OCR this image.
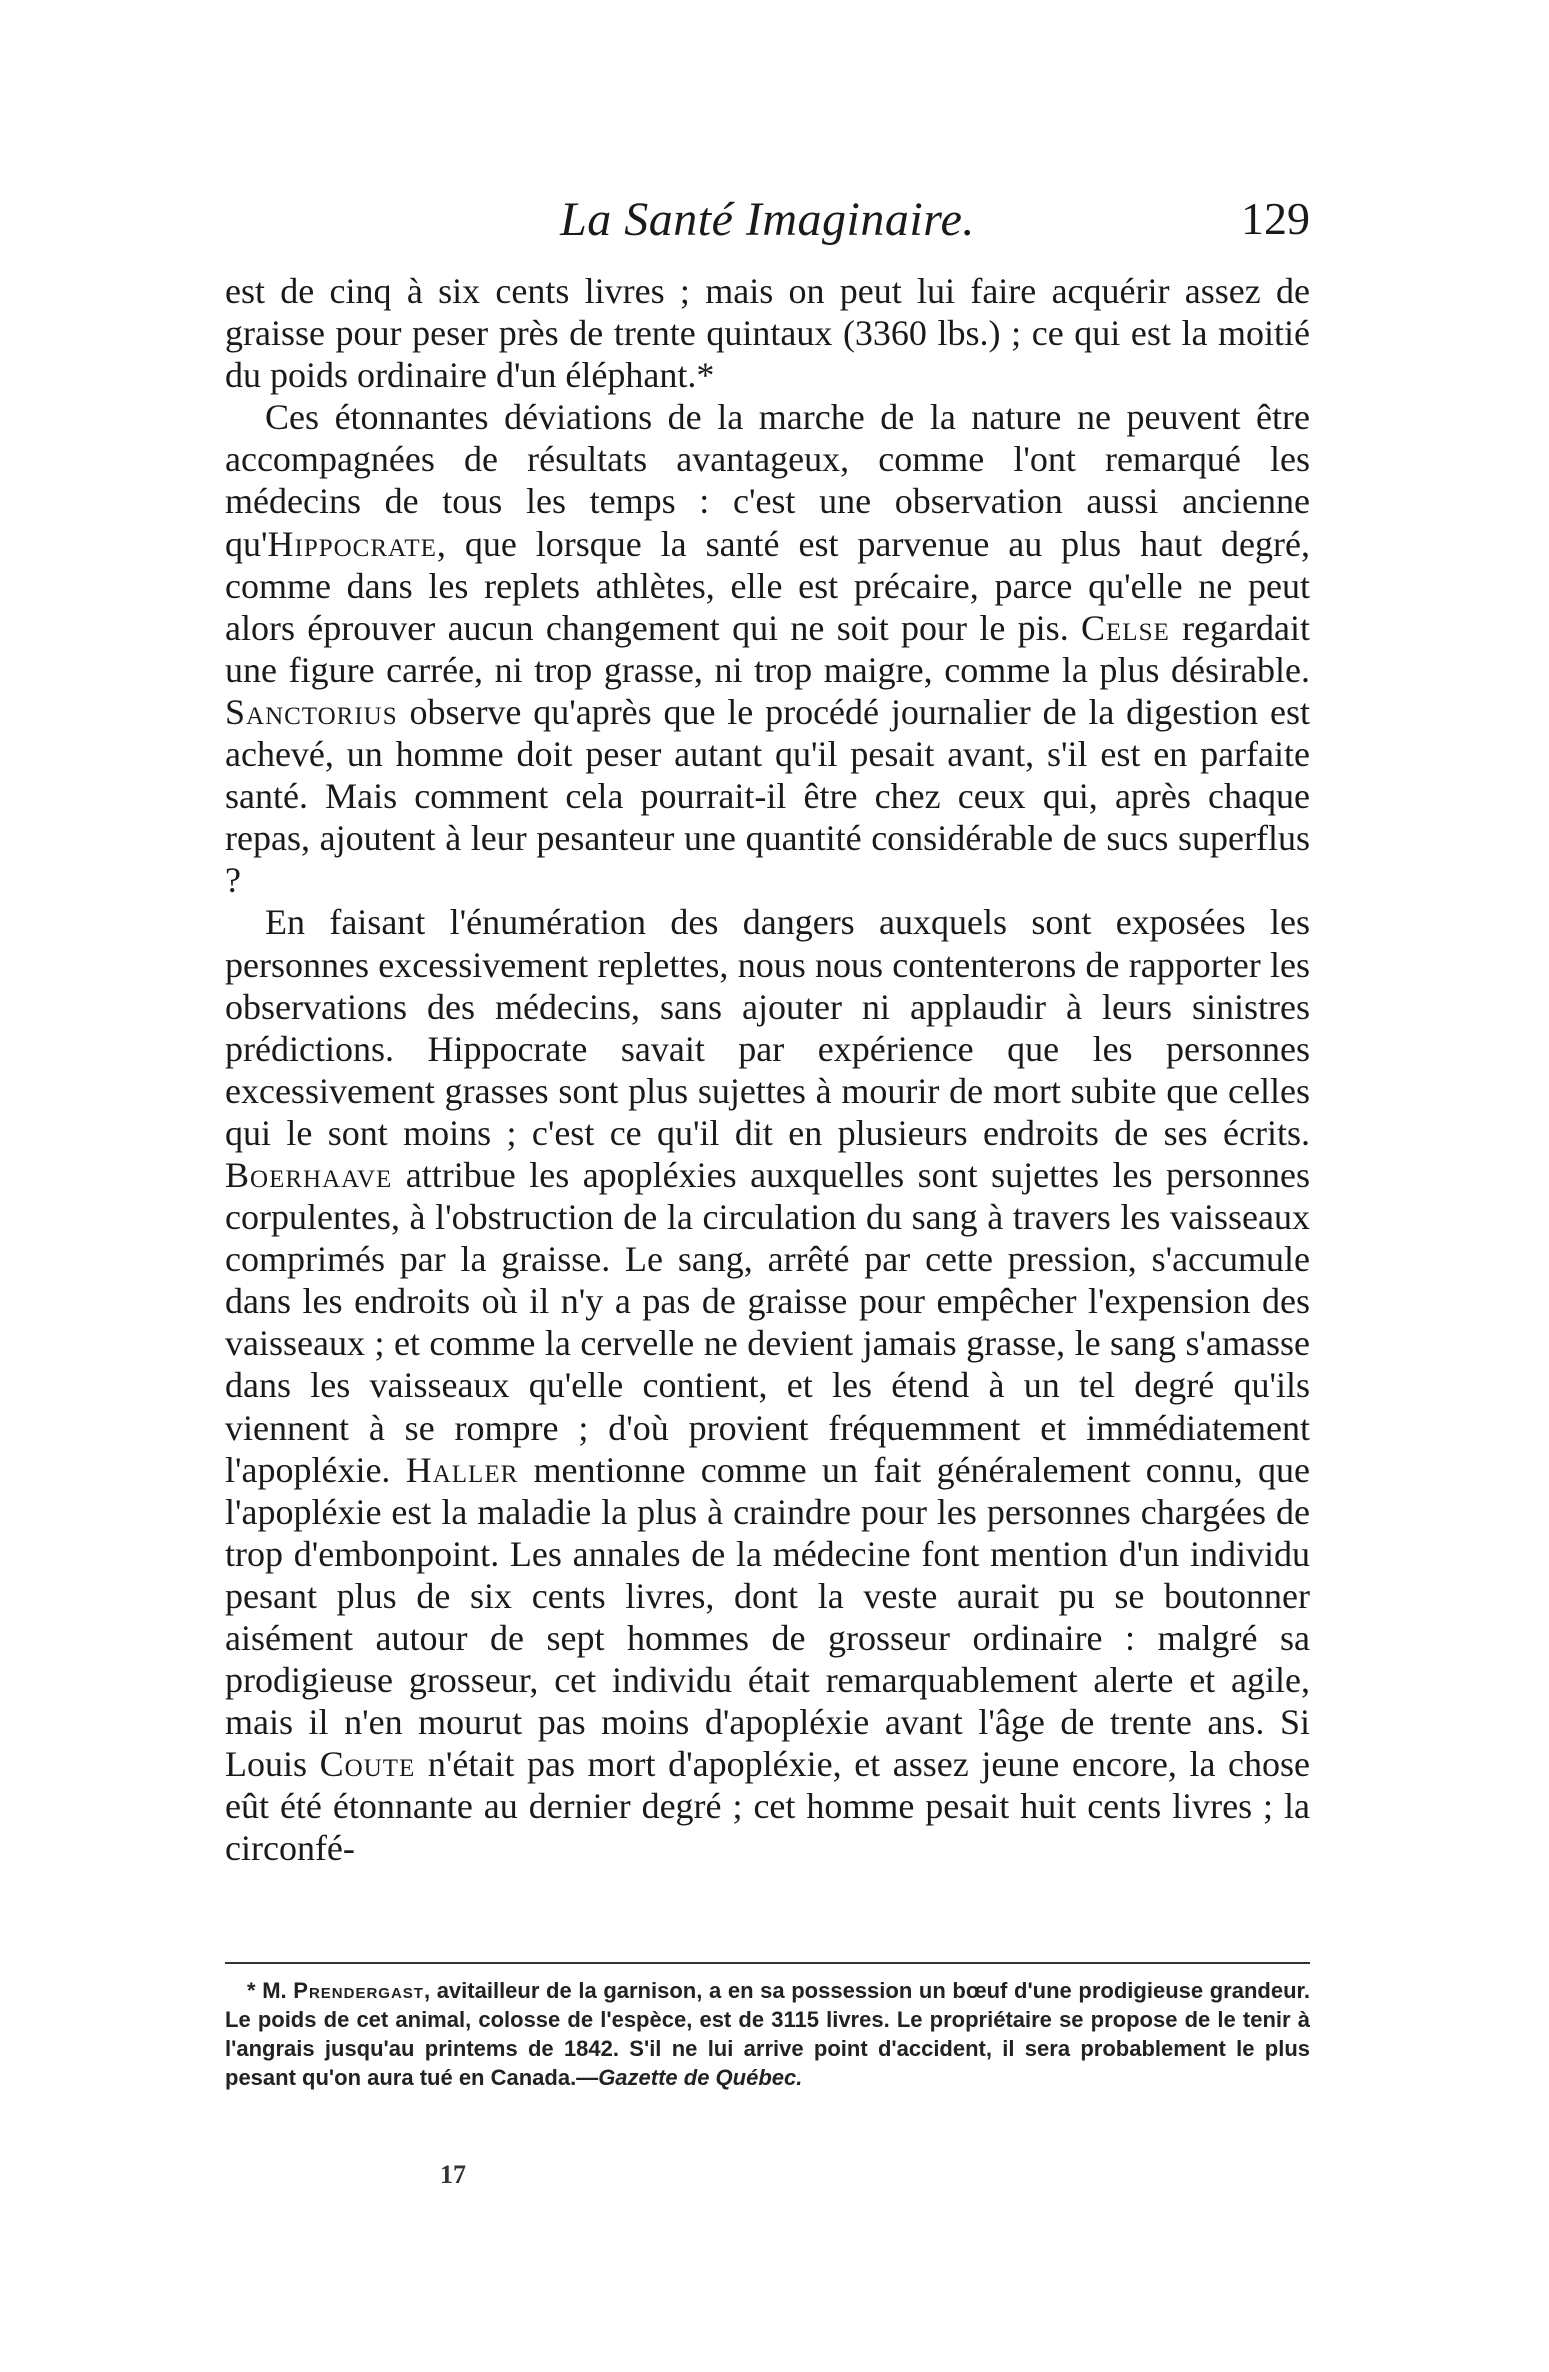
La Santé Imaginaire.	129

est de cinq à six cents livres ; mais on peut lui faire acquérir assez de graisse pour peser près de trente quintaux (3360 lbs.) ; ce qui est la moitié du poids ordinaire d'un éléphant.*

Ces étonnantes déviations de la marche de la nature ne peuvent être accompagnées de résultats avantageux, comme l'ont remarqué les médecins de tous les temps : c'est une observation aussi ancienne qu'Hippocrate, que lorsque la santé est parvenue au plus haut degré, comme dans les replets athlètes, elle est précaire, parce qu'elle ne peut alors éprouver aucun changement qui ne soit pour le pis. Celse regardait une figure carrée, ni trop grasse, ni trop maigre, comme la plus désirable. Sanctorius observe qu'après que le procédé journalier de la digestion est achevé, un homme doit peser autant qu'il pesait avant, s'il est en parfaite santé. Mais comment cela pourrait-il être chez ceux qui, après chaque repas, ajoutent à leur pesanteur une quantité considérable de sucs superflus ?

En faisant l'énumération des dangers auxquels sont exposées les personnes excessivement replettes, nous nous contenterons de rapporter les observations des médecins, sans ajouter ni applaudir à leurs sinistres prédictions. Hippocrate savait par expérience que les personnes excessivement grasses sont plus sujettes à mourir de mort subite que celles qui le sont moins ; c'est ce qu'il dit en plusieurs endroits de ses écrits. Boerhaave attribue les apopléxies auxquelles sont sujettes les personnes corpulentes, à l'obstruction de la circulation du sang à travers les vaisseaux comprimés par la graisse. Le sang, arrêté par cette pression, s'accumule dans les endroits où il n'y a pas de graisse pour empêcher l'expension des vaisseaux ; et comme la cervelle ne devient jamais grasse, le sang s'amasse dans les vaisseaux qu'elle contient, et les étend à un tel degré qu'ils viennent à se rompre ; d'où provient fréquemment et immédiatement l'apopléxie. Haller mentionne comme un fait généralement connu, que l'apopléxie est la maladie la plus à craindre pour les personnes chargées de trop d'embonpoint. Les annales de la médecine font mention d'un individu pesant plus de six cents livres, dont la veste aurait pu se boutonner aisément autour de sept hommes de grosseur ordinaire : malgré sa prodigieuse grosseur, cet individu était remarquablement alerte et agile, mais il n'en mourut pas moins d'apopléxie avant l'âge de trente ans. Si Louis Coute n'était pas mort d'apopléxie, et assez jeune encore, la chose eût été étonnante au dernier degré ; cet homme pesait huit cents livres ; la circonfé-

* M. Prendergast, avitailleur de la garnison, a en sa possession un bœuf d'une prodigieuse grandeur. Le poids de cet animal, colosse de l'espèce, est de 3115 livres. Le propriétaire se propose de le tenir à l'angrais jusqu'au printems de 1842. S'il ne lui arrive point d'accident, il sera probablement le plus pesant qu'on aura tué en Canada.—Gazette de Québec.

17
